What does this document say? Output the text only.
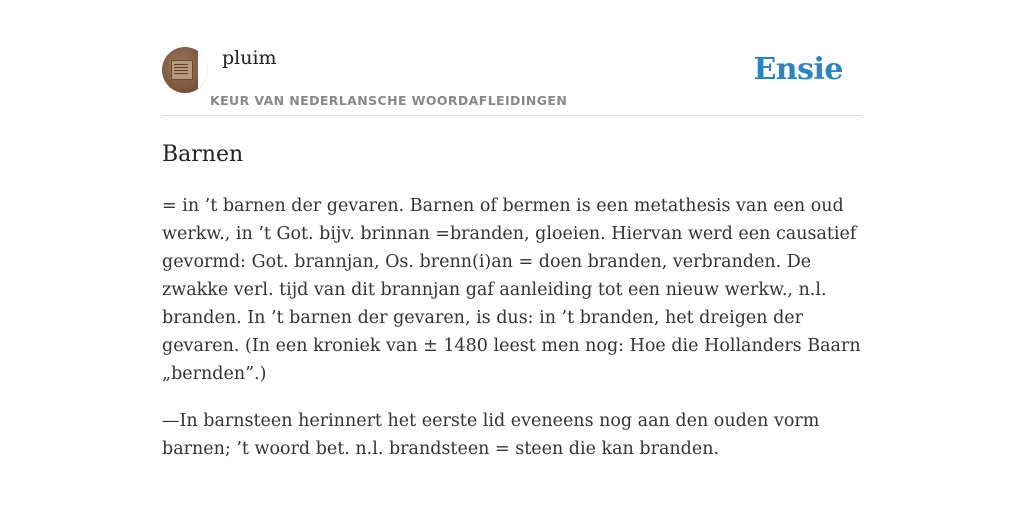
pluim
KEUR VAN NEDERLANSCHE WOORDAFLEIDINGEN
Ensie
Barnen

= in ’t barnen der gevaren. Barnen of bermen is een metathesis van een oud werkw., in ’t Got. bijv. brinnan =branden, gloeien. Hiervan werd een causatief gevormd: Got. brannjan, Os. brenn(i)an = doen branden, verbranden. De zwakke verl. tijd van dit brannjan gaf aanleiding tot een nieuw werkw., n.l. branden. In ’t barnen der gevaren, is dus: in ’t branden, het dreigen der gevaren. (In een kroniek van ± 1480 leest men nog: Hoe die Hollanders Baarn „bernden”.)

—In barnsteen herinnert het eerste lid eveneens nog aan den ouden vorm barnen; ’t woord bet. n.l. brandsteen = steen die kan branden.
